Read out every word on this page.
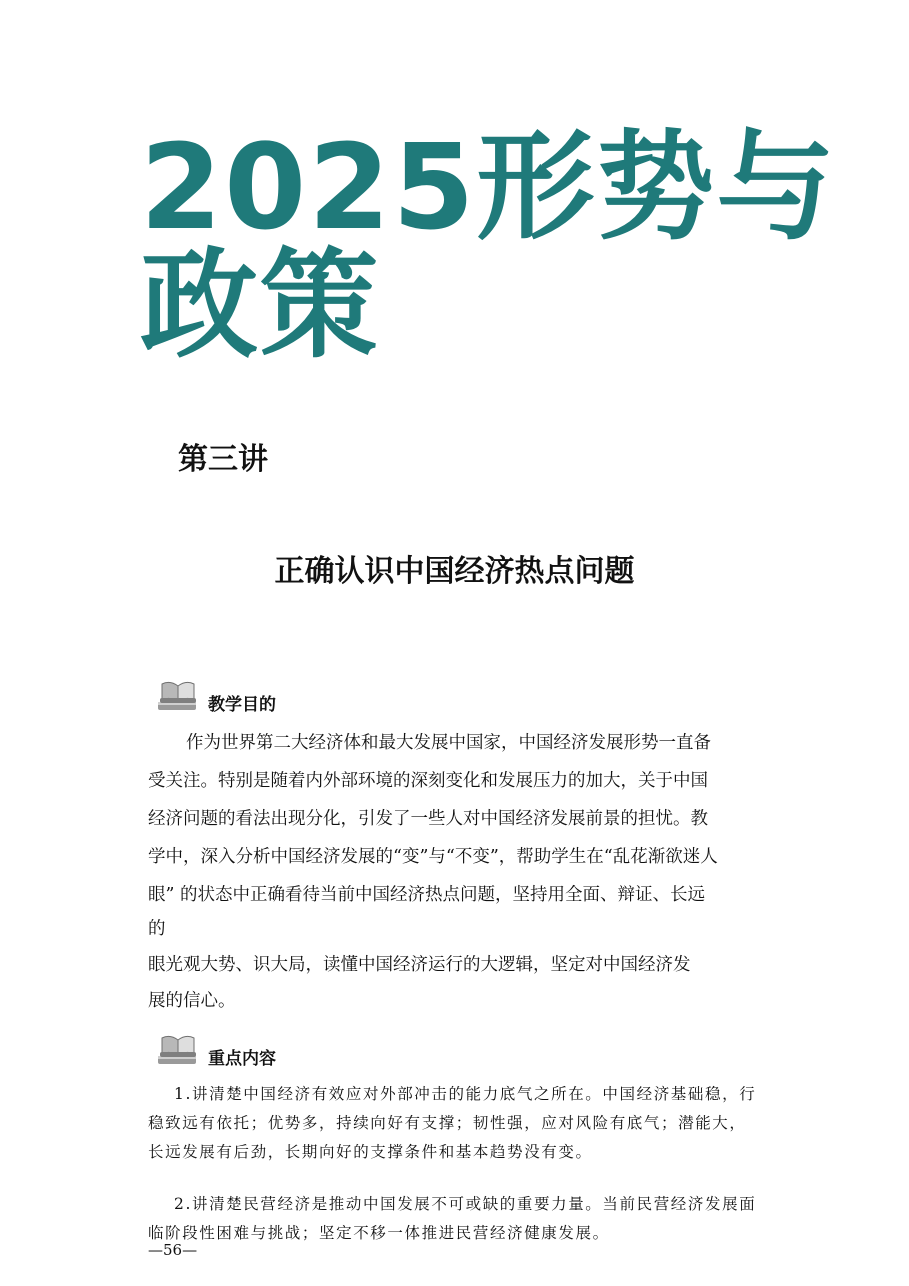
2025形势与
政策
第三讲
正确认识中国经济热点问题
教学目的

作为世界第二大经济体和最大发展中国家，中国经济发展形势一直备

受关注。特别是随着内外部环境的深刻变化和发展压力的加大，关于中国

经济问题的看法出现分化，引发了一些人对中国经济发展前景的担忧。教

学中，深入分析中国经济发展的“变”与“不变”，帮助学生在“乱花渐欲迷人

眼” 的状态中正确看待当前中国经济热点问题，坚持用全面、辩证、长远

的

眼光观大势、识大局，读懂中国经济运行的大逻辑，坚定对中国经济发

展的信心。

重点内容

1.讲清楚中国经济有效应对外部冲击的能力底气之所在。中国经济基础稳，行稳致远有依托；优势多，持续向好有支撑；韧性强，应对风险有底气；潜能大，长远发展有后劲，长期向好的支撑条件和基本趋势没有变。

2.讲清楚民营经济是推动中国发展不可或缺的重要力量。当前民营经济发展面临阶段性困难与挑战；坚定不移一体推进民营经济健康发展。

—56—
